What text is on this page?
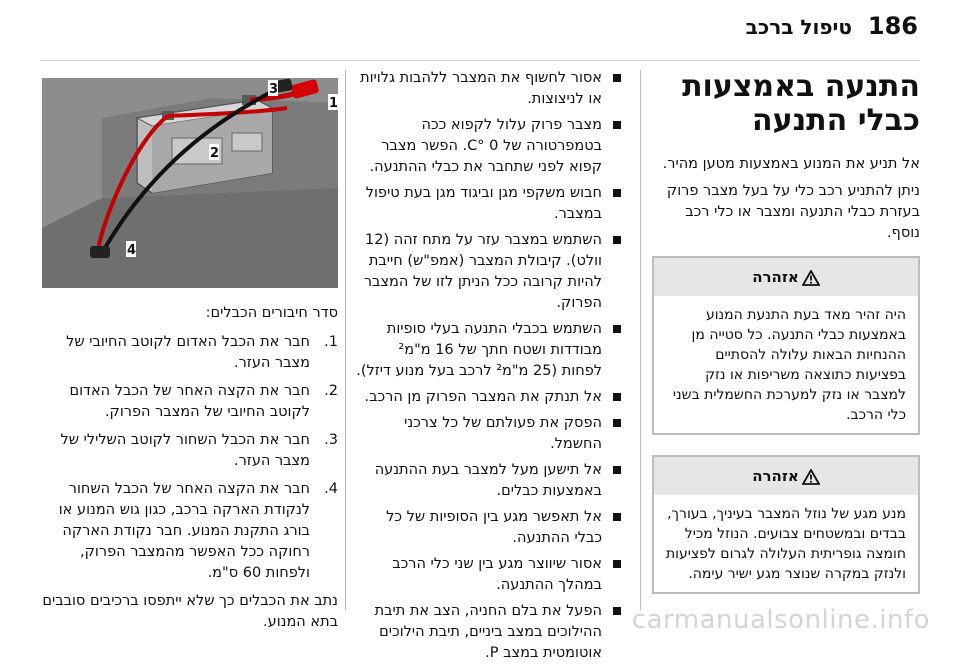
186
טיפול ברכב
התנעה באמצעות כבלי התנעה

אל תניע את המנוע באמצעות מטען מהיר.

ניתן להתניע רכב כלי על בעל מצבר פרוק בעזרת כבלי התנעה ומצבר או כלי רכב נוסף.

אזהרה
היה זהיר מאד בעת התנעת המנוע באמצעות כבלי התנעה. כל סטייה מן ההנחיות הבאות עלולה להסתיים בפציעות כתוצאה משריפות או נזק למצבר או נזק למערכת החשמלית בשני כלי הרכב.
אזהרה
מנע מגע של נוזל המצבר בעיניך, בעורך, בבדים ובמשטחים צבועים. הנוזל מכיל חומצה גופריתית העלולה לגרום לפציעות ולנזק במקרה שנוצר מגע ישיר עימה.
אסור לחשוף את המצבר ללהבות גלויות או לניצוצות.
מצבר פרוק עלול לקפוא ככה בטמפרטורה של 0 °C. הפשר מצבר קפוא לפני שתחבר את כבלי ההתנעה.
חבוש משקפי מגן וביגוד מגן בעת טיפול במצבר.
השתמש במצבר עזר על מתח זהה (12 וולט). קיבולת המצבר (אמפ"ש) חייבת להיות קרובה ככל הניתן לזו של המצבר הפרוק.
השתמש בכבלי התנעה בעלי סופיות מבודדות ושטח חתך של 16 מ"מ² לפחות (25 מ"מ² לרכב בעל מנוע דיזל).
אל תנתק את המצבר הפרוק מן הרכב.
הפסק את פעולתם של כל צרכני החשמל.
אל תישען מעל למצבר בעת ההתנעה באמצעות כבלים.
אל תאפשר מגע בין הסופיות של כל כבלי ההתנעה.
אסור שיווצר מגע בין שני כלי הרכב במהלך ההתנעה.
הפעל את בלם החניה, הצב את תיבת ההילוכים במצב ביניים, תיבת הילוכים אוטומטית במצב P.
1
3
2
4
סדר חיבורים הכבלים:
1.
חבר את הכבל האדום לקוטב החיובי של מצבר העזר.
2.
חבר את הקצה האחר של הכבל האדום לקוטב החיובי של המצבר הפרוק.
3.
חבר את הכבל השחור לקוטב השלילי של מצבר העזר.
4.
חבר את הקצה האחר של הכבל השחור לנקודת הארקה ברכב, כגון גוש המנוע או בורג התקנת המנוע. חבר נקודת הארקה רחוקה ככל האפשר מהמצבר הפרוק, ולפחות 60 ס"מ.
נתב את הכבלים כך שלא ייתפסו ברכיבים סובבים בתא המנוע.	carmanualsonline.info
